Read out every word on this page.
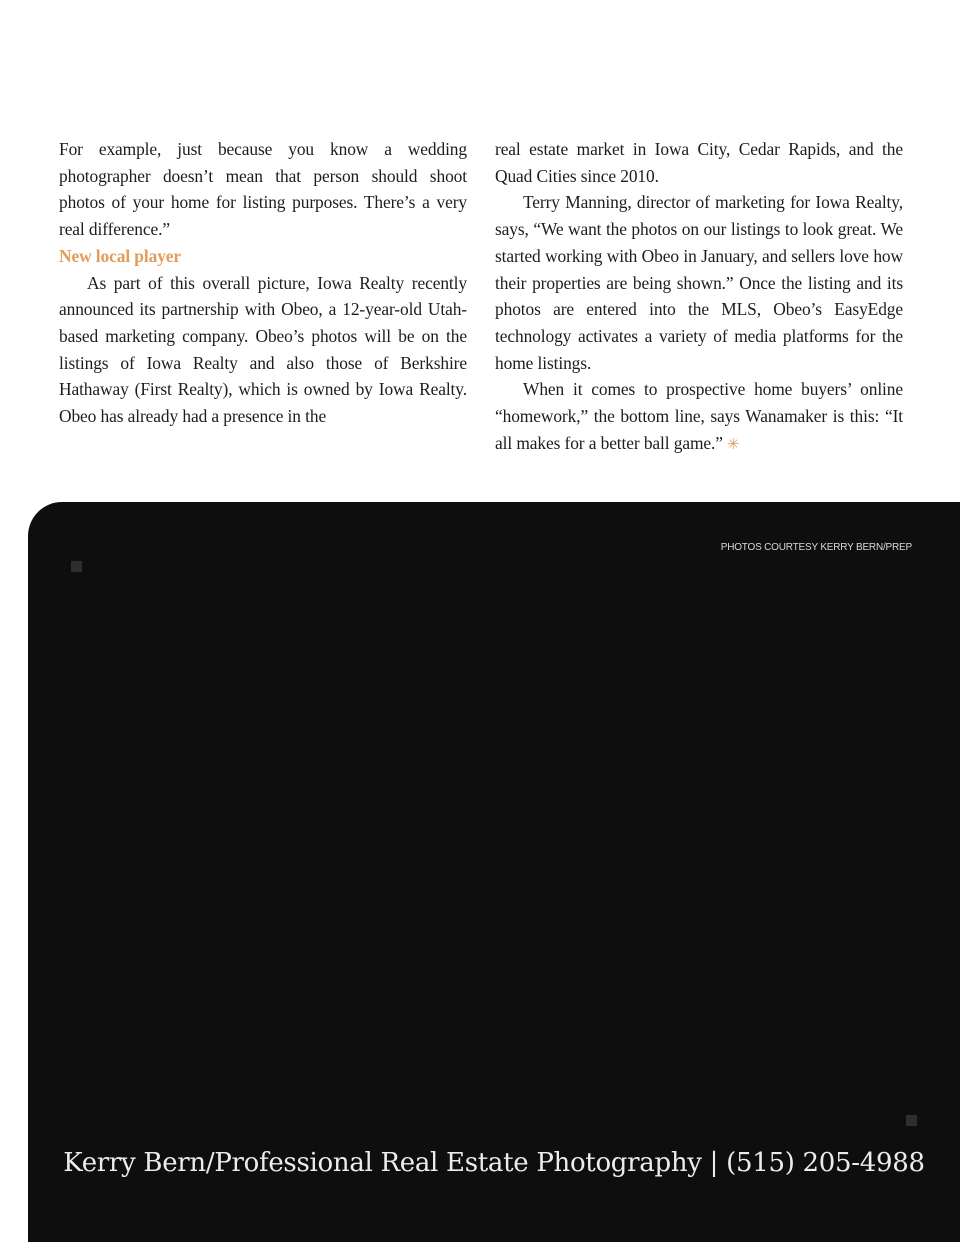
For example, just because you know a wedding photographer doesn’t mean that person should shoot photos of your home for listing purposes. There’s a very real difference.”

New local player

As part of this overall picture, Iowa Realty recently announced its partnership with Obeo, a 12-year-old Utah-based marketing company. Obeo’s photos will be on the listings of Iowa Realty and also those of Berkshire Hathaway (First Realty), which is owned by Iowa Realty. Obeo has already had a presence in the

real estate market in Iowa City, Cedar Rapids, and the Quad Cities since 2010.

Terry Manning, director of marketing for Iowa Realty, says, “We want the photos on our listings to look great. We started working with Obeo in January, and sellers love how their properties are being shown.” Once the listing and its photos are entered into the MLS, Obeo’s EasyEdge technology activates a variety of media platforms for the home listings.

When it comes to prospective home buyers’ online “homework,” the bottom line, says Wanamaker is this: “It all makes for a better ball game.” ✳

PHOTOS COURTESY KERRY BERN/PREP
Kerry Bern/Professional Real Estate Photography | (515) 205-4988
